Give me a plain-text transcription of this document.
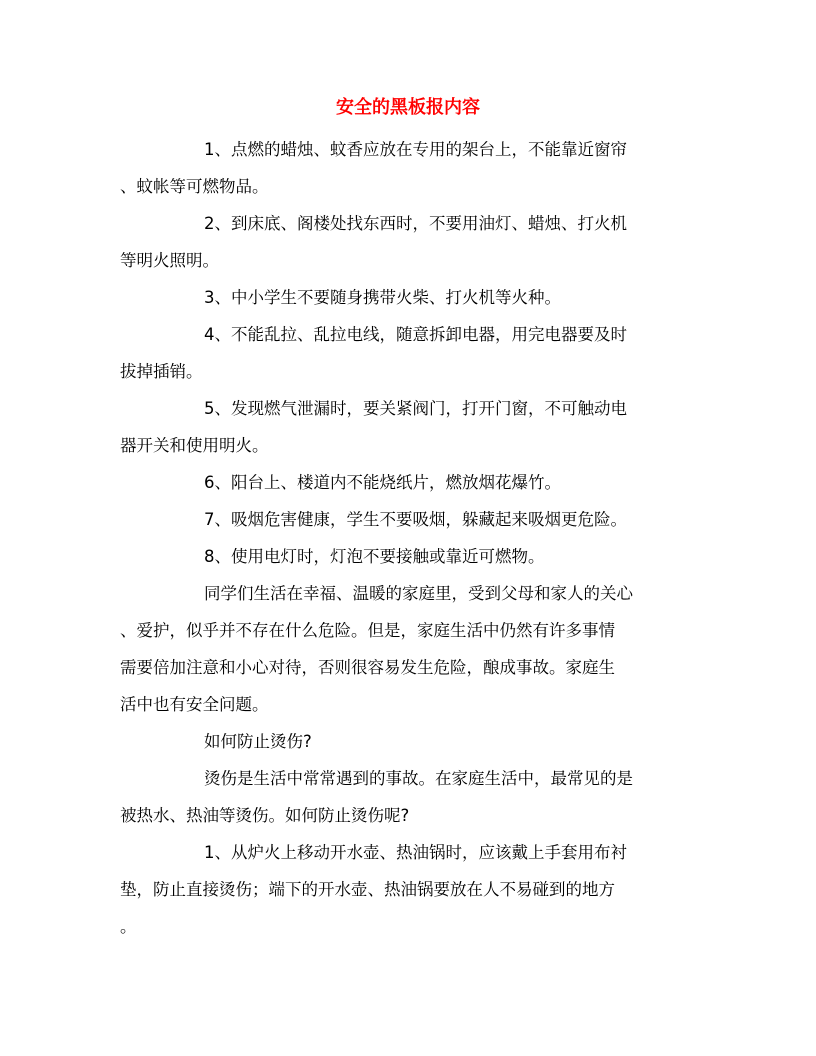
安全的黑板报内容
1、点燃的蜡烛、蚊香应放在专用的架台上，不能靠近窗帘
、蚊帐等可燃物品。
2、到床底、阁楼处找东西时，不要用油灯、蜡烛、打火机
等明火照明。
3、中小学生不要随身携带火柴、打火机等火种。
4、不能乱拉、乱拉电线，随意拆卸电器，用完电器要及时
拔掉插销。
5、发现燃气泄漏时，要关紧阀门，打开门窗，不可触动电
器开关和使用明火。
6、阳台上、楼道内不能烧纸片，燃放烟花爆竹。
7、吸烟危害健康，学生不要吸烟，躲藏起来吸烟更危险。
8、使用电灯时，灯泡不要接触或靠近可燃物。
同学们生活在幸福、温暖的家庭里，受到父母和家人的关心
、爱护，似乎并不存在什么危险。但是，家庭生活中仍然有许多事情
需要倍加注意和小心对待，否则很容易发生危险，酿成事故。家庭生
活中也有安全问题。
如何防止烫伤?
烫伤是生活中常常遇到的事故。在家庭生活中，最常见的是
被热水、热油等烫伤。如何防止烫伤呢?
1、从炉火上移动开水壶、热油锅时，应该戴上手套用布衬
垫，防止直接烫伤；端下的开水壶、热油锅要放在人不易碰到的地方
。
